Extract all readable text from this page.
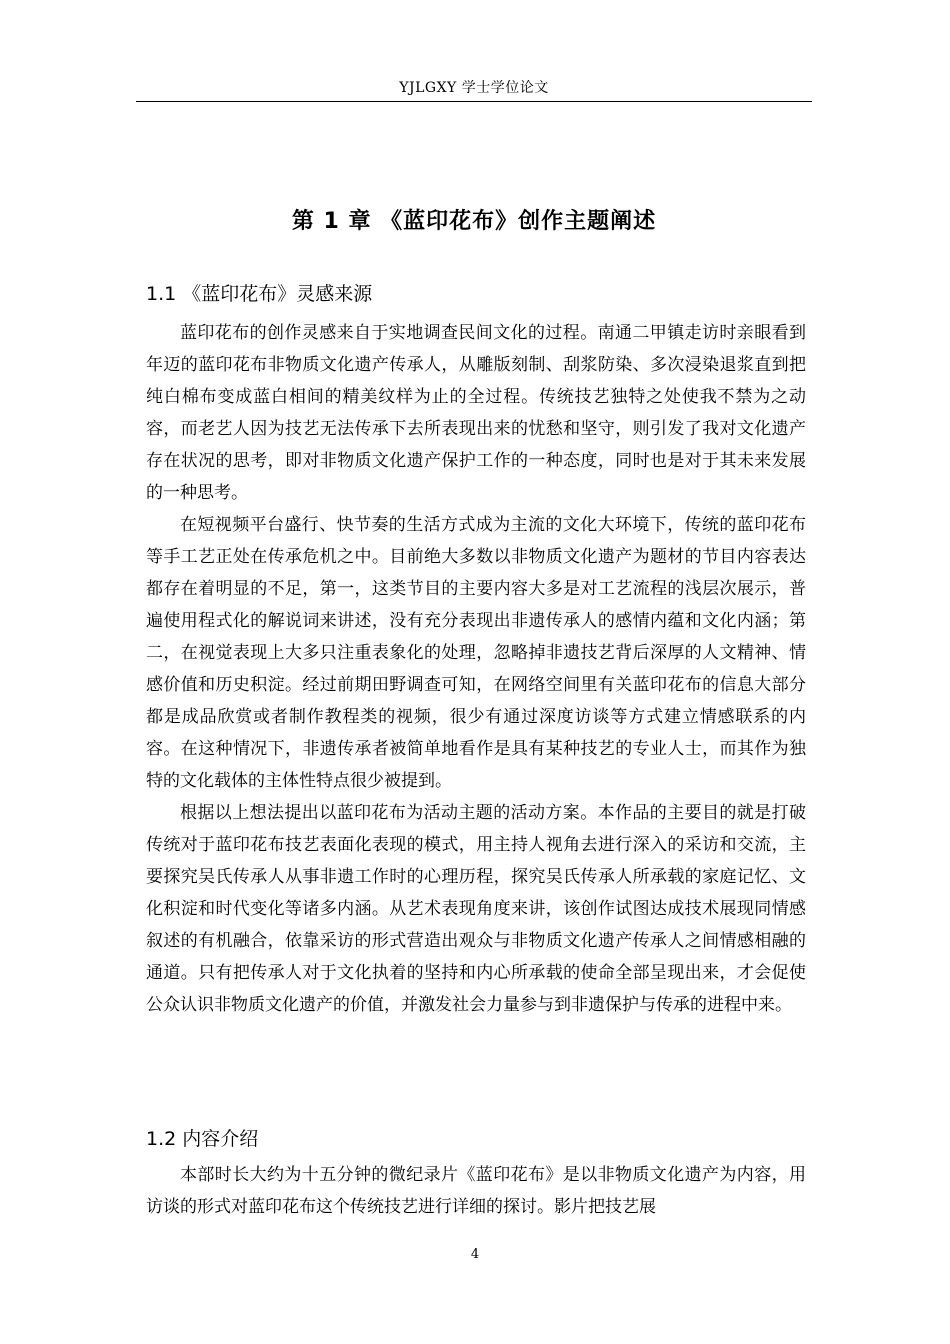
YJLGXY 学士学位论文
第 1 章 《蓝印花布》创作主题阐述
1.1 《蓝印花布》灵感来源

蓝印花布的创作灵感来自于实地调查民间文化的过程。南通二甲镇走访时亲眼看到年迈的蓝印花布非物质文化遗产传承人，从雕版刻制、刮浆防染、多次浸染退浆直到把纯白棉布变成蓝白相间的精美纹样为止的全过程。传统技艺独特之处使我不禁为之动容，而老艺人因为技艺无法传承下去所表现出来的忧愁和坚守，则引发了我对文化遗产存在状况的思考，即对非物质文化遗产保护工作的一种态度，同时也是对于其未来发展的一种思考。

在短视频平台盛行、快节奏的生活方式成为主流的文化大环境下，传统的蓝印花布等手工艺正处在传承危机之中。目前绝大多数以非物质文化遗产为题材的节目内容表达都存在着明显的不足，第一，这类节目的主要内容大多是对工艺流程的浅层次展示，普遍使用程式化的解说词来讲述，没有充分表现出非遗传承人的感情内蕴和文化内涵；第二，在视觉表现上大多只注重表象化的处理，忽略掉非遗技艺背后深厚的人文精神、情感价值和历史积淀。经过前期田野调查可知，在网络空间里有关蓝印花布的信息大部分都是成品欣赏或者制作教程类的视频，很少有通过深度访谈等方式建立情感联系的内容。在这种情况下，非遗传承者被简单地看作是具有某种技艺的专业人士，而其作为独特的文化载体的主体性特点很少被提到。

根据以上想法提出以蓝印花布为活动主题的活动方案。本作品的主要目的就是打破传统对于蓝印花布技艺表面化表现的模式，用主持人视角去进行深入的采访和交流，主要探究吴氏传承人从事非遗工作时的心理历程，探究吴氏传承人所承载的家庭记忆、文化积淀和时代变化等诸多内涵。从艺术表现角度来讲，该创作试图达成技术展现同情感叙述的有机融合，依靠采访的形式营造出观众与非物质文化遗产传承人之间情感相融的通道。只有把传承人对于文化执着的坚持和内心所承载的使命全部呈现出来，才会促使公众认识非物质文化遗产的价值，并激发社会力量参与到非遗保护与传承的进程中来。

1.2 内容介绍

本部时长大约为十五分钟的微纪录片《蓝印花布》是以非物质文化遗产为内容，用访谈的形式对蓝印花布这个传统技艺进行详细的探讨。影片把技艺展

4
